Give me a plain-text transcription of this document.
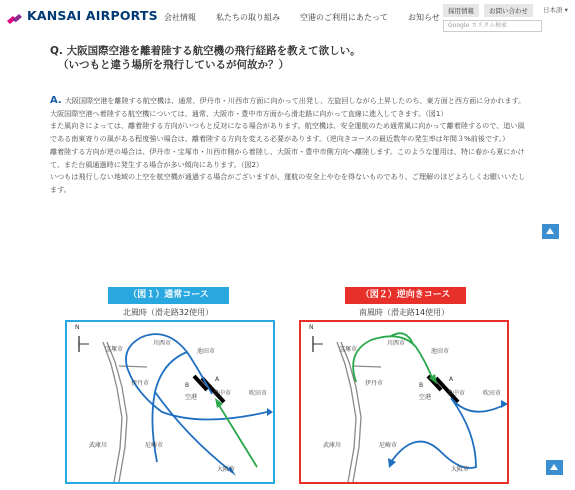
KANSAI AIRPORTS 会社情報	私たちの取り組み	空港のご利用にあたって	お知らせ
採用情報	お問い合わせ	日本語 ▾
Google カスタム検索
Q. 大阪国際空港を離着陸する航空機の飛行経路を教えて欲しい。
（いつもと違う場所を飛行しているが何故か？）

A. 大阪国際空港を離陸する航空機は、通常、伊丹市・川西市方面に向かって出発し、左旋回しながら上昇したのち、東方面と西方面に分かれます。

大阪国際空港へ着陸する航空機については、通常、大阪市・豊中市方面から滑走路に向かって直線に進入してきます。（図1）

また風向きによっては、離着陸する方向がいつもと反対になる場合があります。航空機は、安全運航のため通常風に向かって離着陸するので、追い風である南東寄りの風がある程度強い場合は、離着陸する方向を変える必要があります。（逆向きコースの最近数年の発生率は年間３%前後です。）

離着陸する方向が逆の場合は、伊丹市・宝塚市・川西市側から着陸し、大阪市・豊中市側方向へ離陸します。このような運用は、特に春から夏にかけて、また台風通過時に発生する場合が多い傾向にあります。（図2）

いつもは飛行しない地域の上空を航空機が通過する場合がございますが、運航の安全上やむを得ないものであり、ご理解のほどよろしくお願いいたします。

（図１）通常コース
北風時（滑走路32使用）
N
宝塚市
川西市
池田市
伊丹市	B
空港
A
豊中市	吹田市
武庫川	尼崎市
大阪市
（図２）逆向きコース
南風時（滑走路14使用）
N
宝塚市
川西市
池田市
伊丹市	B
空港
A
豊中市	吹田市
武庫川	尼崎市
大阪市
